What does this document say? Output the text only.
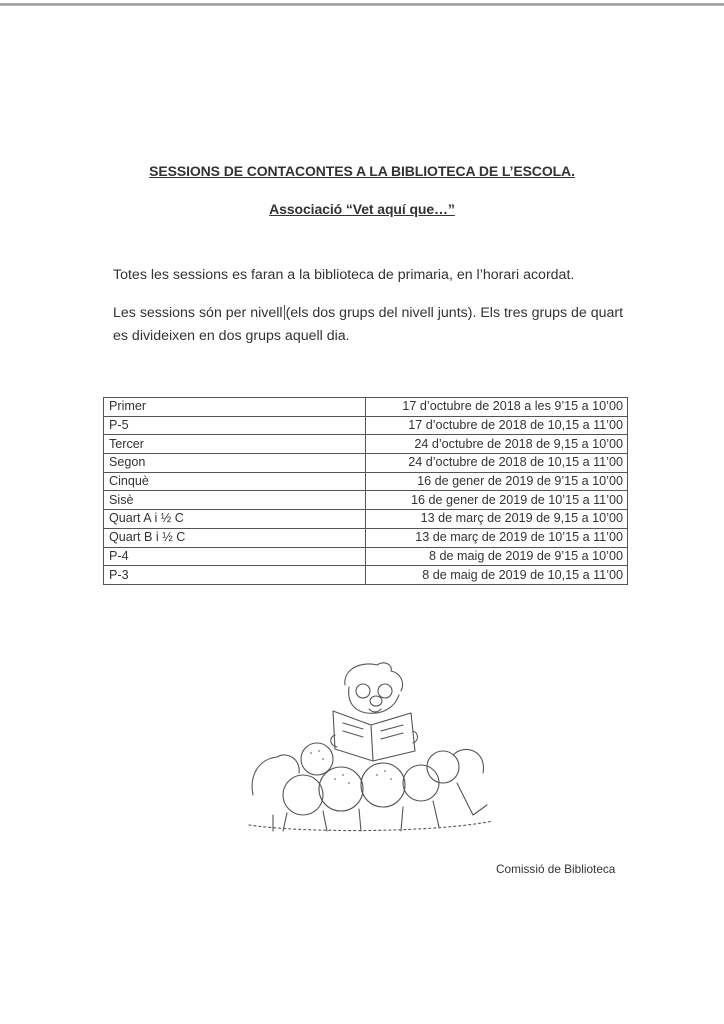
SESSIONS DE CONTACONTES A LA BIBLIOTECA DE L’ESCOLA.
Associació “Vet aquí que…”
Totes les sessions es faran a la biblioteca de primaria, en l’horari acordat.
Les sessions són per nivell (els dos grups del nivell junts). Els tres grups de quart es divideixen en dos grups aquell dia.
Primer	17 d’octubre de 2018 a les 9’15 a 10’00
P-5	17 d’octubre de 2018 de 10,15 a 11’00
Tercer	24 d’octubre de 2018 de 9,15 a 10’00
Segon	24 d’octubre de 2018 de 10,15 a 11’00
Cinquè	16 de gener de 2019 de 9’15 a 10’00
Sisè	16 de gener de 2019 de 10’15 a 11’00
Quart A i ½ C	13 de març de 2019 de 9,15 a 10’00
Quart B i ½ C	13 de març de 2019 de 10’15 a 11’00
P-4	8 de maig de 2019 de 9’15 a 10’00
P-3	8 de maig de 2019 de 10,15 a 11’00
Comissió de Biblioteca
